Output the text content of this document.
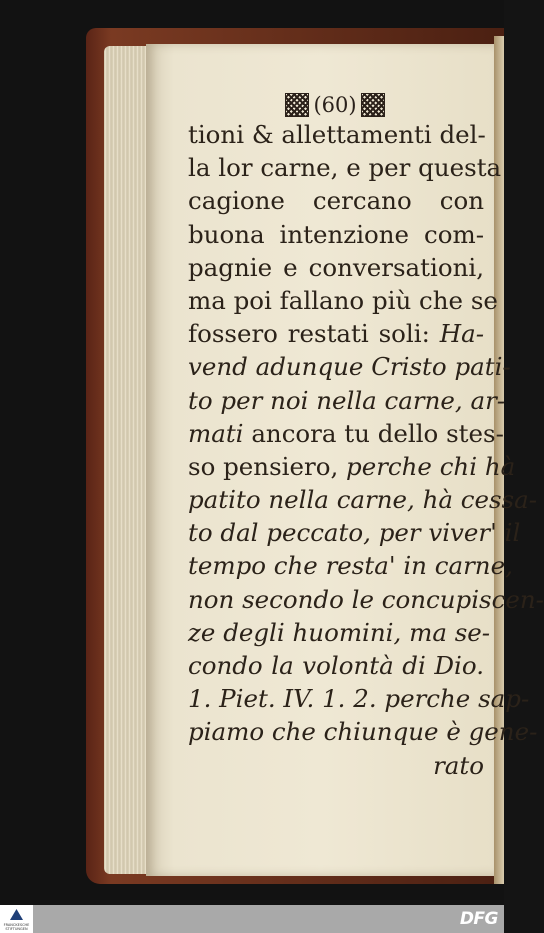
(60)
tioni & allettamenti del-
la lor carne, e per questa
cagione cercano con
buona intenzione com-
pagnie e conversationi,
ma poi fallano più che se
fossero restati soli: Ha-
vend adunque Cristo pati-
to per noi nella carne, ar-
mati ancora tu dello stes-
so pensiero, perche chi hà
patito nella carne, hà cessa-
to dal peccato, per viver' il
tempo che resta' in carne,
non secondo le concupiscen-
ze degli huomini, ma se-
condo la volontà di Dio.
1. Piet. IV. 1. 2. perche sap-
piamo che chiunque è gene-
rato
FRANCKESCHE STIFTUNGEN	DFG
